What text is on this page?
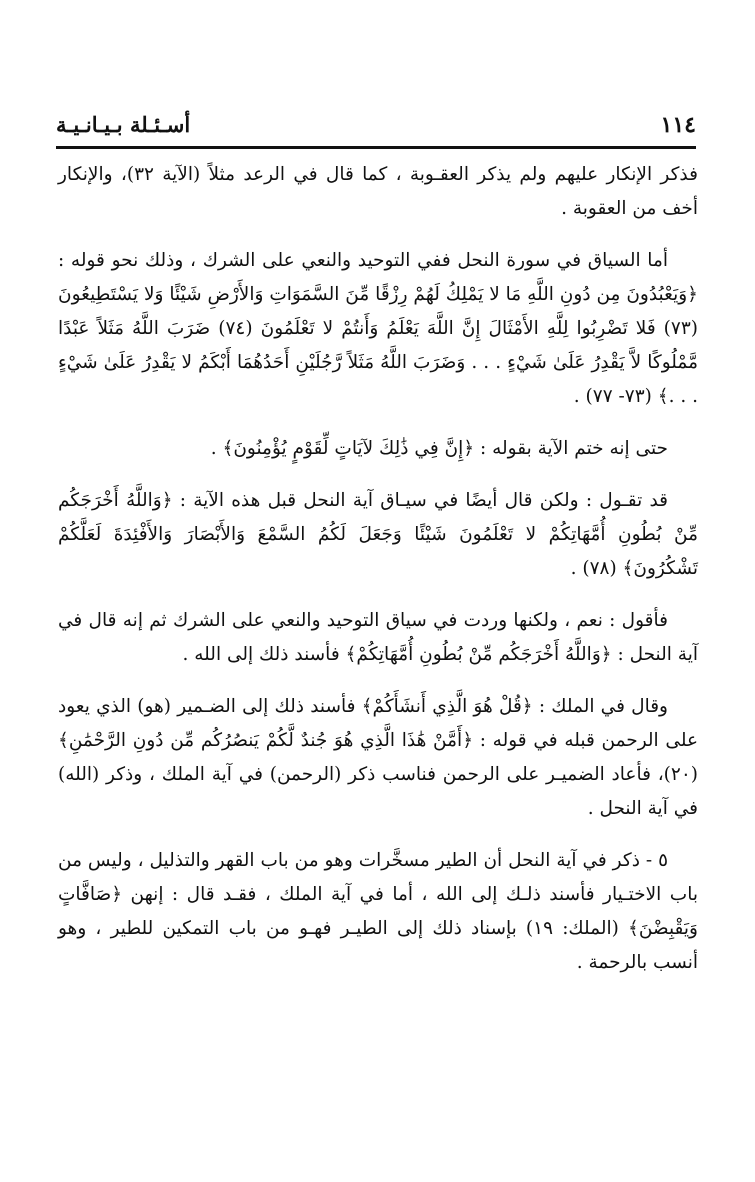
١١٤
أسـئـلة بـيـانـيـة

فذكر الإنكار عليهم ولم يذكر العقـوبة ، كما قال في الرعد مثلاً (الآية ٣٢)، والإنكار أخف من العقوبة .

أما السياق في سورة النحل ففي التوحيد والنعي على الشرك ، وذلك نحو قوله : ﴿وَيَعْبُدُونَ مِن دُونِ اللَّهِ مَا لا يَمْلِكُ لَهُمْ رِزْقًا مِّنَ السَّمَوَاتِ وَالأَرْضِ شَيْئًا وَلا يَسْتَطِيعُونَ (٧٣) فَلا تَضْرِبُوا لِلَّهِ الأَمْثَالَ إِنَّ اللَّهَ يَعْلَمُ وَأَنتُمْ لا تَعْلَمُونَ (٧٤) ضَرَبَ اللَّهُ مَثَلاً عَبْدًا مَّمْلُوكًا لاَّ يَقْدِرُ عَلَىٰ شَيْءٍ . . . وَضَرَبَ اللَّهُ مَثَلاً رَّجُلَيْنِ أَحَدُهُمَا أَبْكَمُ لا يَقْدِرُ عَلَىٰ شَيْءٍ . . .﴾ (٧٣- ٧٧) .

حتى إنه ختم الآية بقوله : ﴿إِنَّ فِي ذَٰلِكَ لآيَاتٍ لِّقَوْمٍ يُؤْمِنُونَ﴾ .

قد تقـول : ولكن قال أيضًا في سيـاق آية النحل قبل هذه الآية : ﴿وَاللَّهُ أَخْرَجَكُم مِّنْ بُطُونِ أُمَّهَاتِكُمْ لا تَعْلَمُونَ شَيْئًا وَجَعَلَ لَكُمُ السَّمْعَ وَالأَبْصَارَ وَالأَفْئِدَةَ لَعَلَّكُمْ تَشْكُرُونَ﴾ (٧٨) .

فأقول : نعم ، ولكنها وردت في سياق التوحيد والنعي على الشرك ثم إنه قال في آية النحل : ﴿وَاللَّهُ أَخْرَجَكُم مِّنْ بُطُونِ أُمَّهَاتِكُمْ﴾ فأسند ذلك إلى الله .

وقال في الملك : ﴿قُلْ هُوَ الَّذِي أَنشَأَكُمْ﴾ فأسند ذلك إلى الضـمير (هو) الذي يعود على الرحمن قبله في قوله : ﴿أَمَّنْ هَٰذَا الَّذِي هُوَ جُندٌ لَّكُمْ يَنصُرُكُم مِّن دُونِ الرَّحْمَٰنِ﴾ (٢٠)، فأعاد الضميـر على الرحمن فناسب ذكر (الرحمن) في آية الملك ، وذكر (الله) في آية النحل .

٥ - ذكر في آية النحل أن الطير مسخَّرات وهو من باب القهر والتذليل ، وليس من باب الاختـيار فأسند ذلـك إلى الله ، أما في آية الملك ، فقـد قال : إنهن ﴿صَافَّاتٍ وَيَقْبِضْنَ﴾ (الملك: ١٩) بإسناد ذلك إلى الطيـر فهـو من باب التمكين للطير ، وهو أنسب بالرحمة .
